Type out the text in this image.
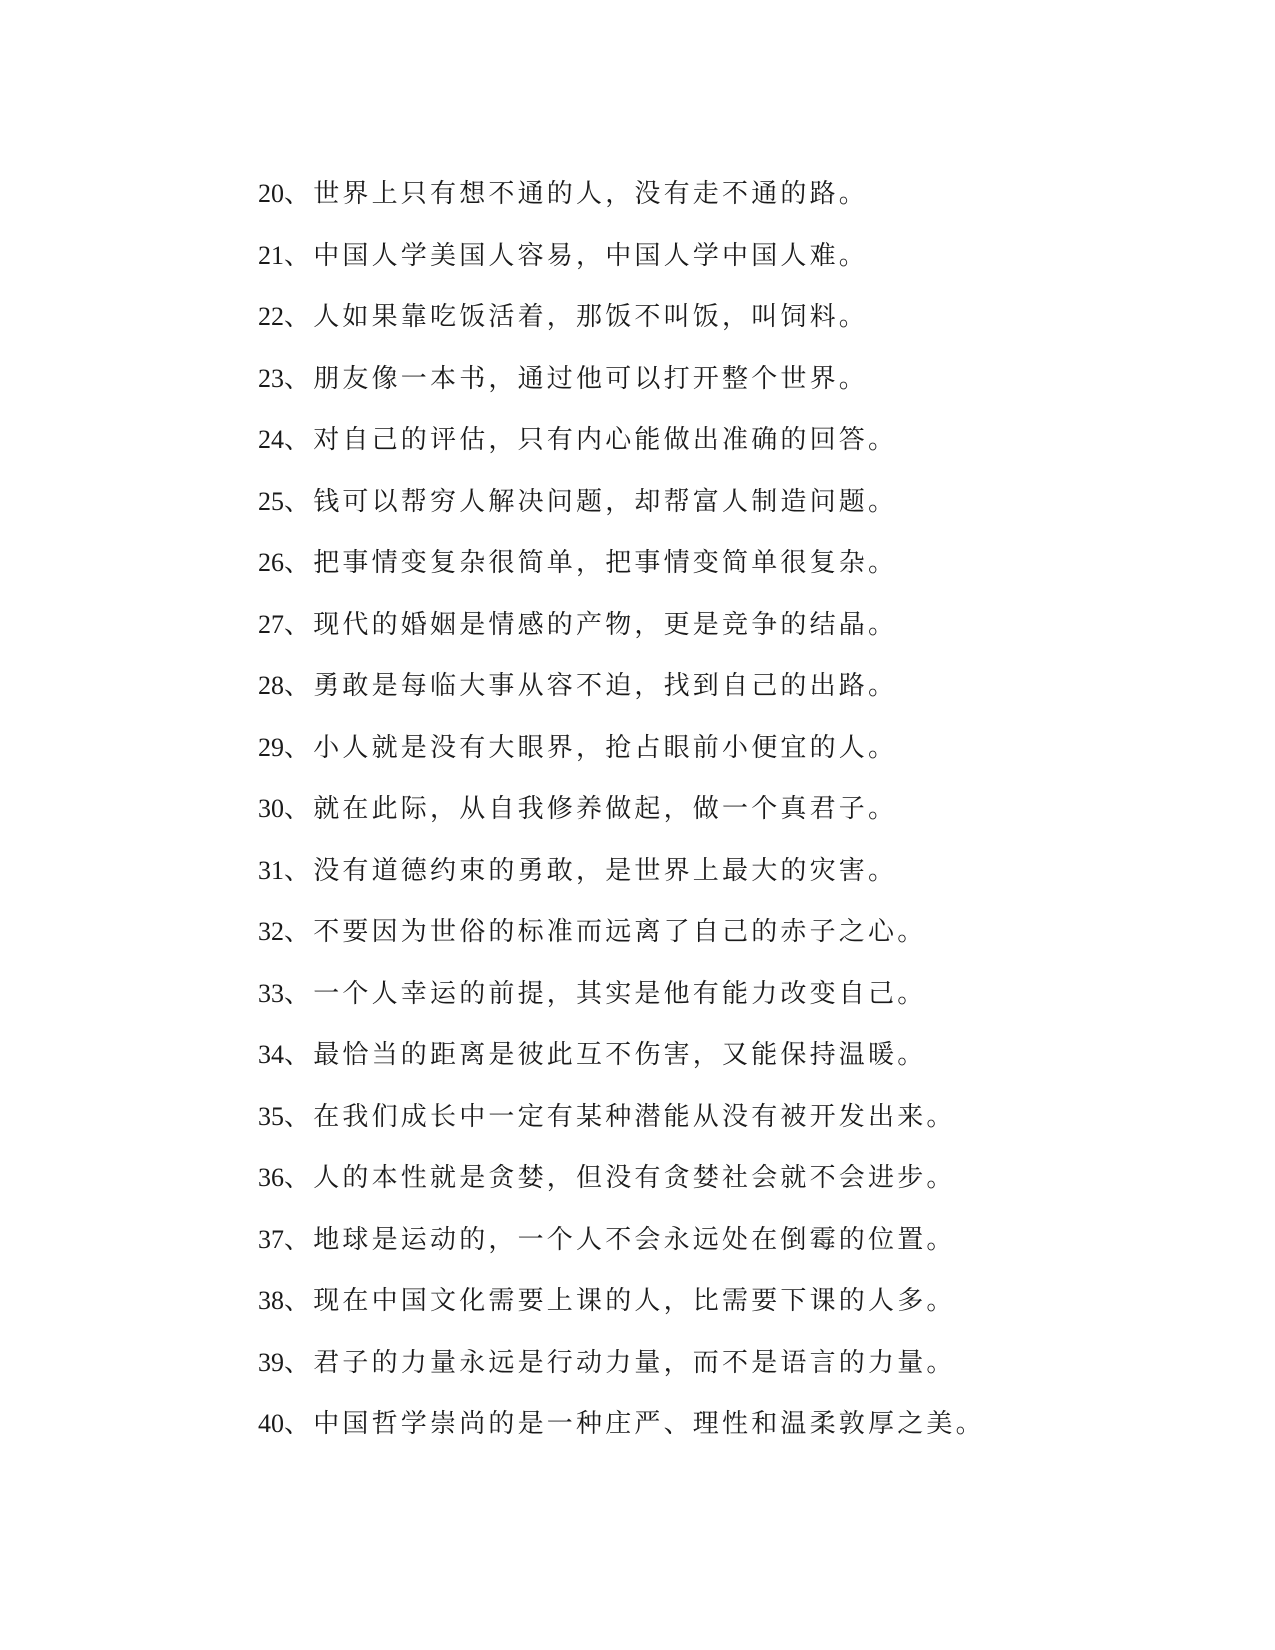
20、世界上只有想不通的人，没有走不通的路。
21、中国人学美国人容易，中国人学中国人难。
22、人如果靠吃饭活着，那饭不叫饭，叫饲料。
23、朋友像一本书，通过他可以打开整个世界。
24、对自己的评估，只有内心能做出准确的回答。
25、钱可以帮穷人解决问题，却帮富人制造问题。
26、把事情变复杂很简单，把事情变简单很复杂。
27、现代的婚姻是情感的产物，更是竞争的结晶。
28、勇敢是每临大事从容不迫，找到自己的出路。
29、小人就是没有大眼界，抢占眼前小便宜的人。
30、就在此际，从自我修养做起，做一个真君子。
31、没有道德约束的勇敢，是世界上最大的灾害。
32、不要因为世俗的标准而远离了自己的赤子之心。
33、一个人幸运的前提，其实是他有能力改变自己。
34、最恰当的距离是彼此互不伤害，又能保持温暖。
35、在我们成长中一定有某种潜能从没有被开发出来。
36、人的本性就是贪婪，但没有贪婪社会就不会进步。
37、地球是运动的，一个人不会永远处在倒霉的位置。
38、现在中国文化需要上课的人，比需要下课的人多。
39、君子的力量永远是行动力量，而不是语言的力量。
40、中国哲学崇尚的是一种庄严、理性和温柔敦厚之美。
